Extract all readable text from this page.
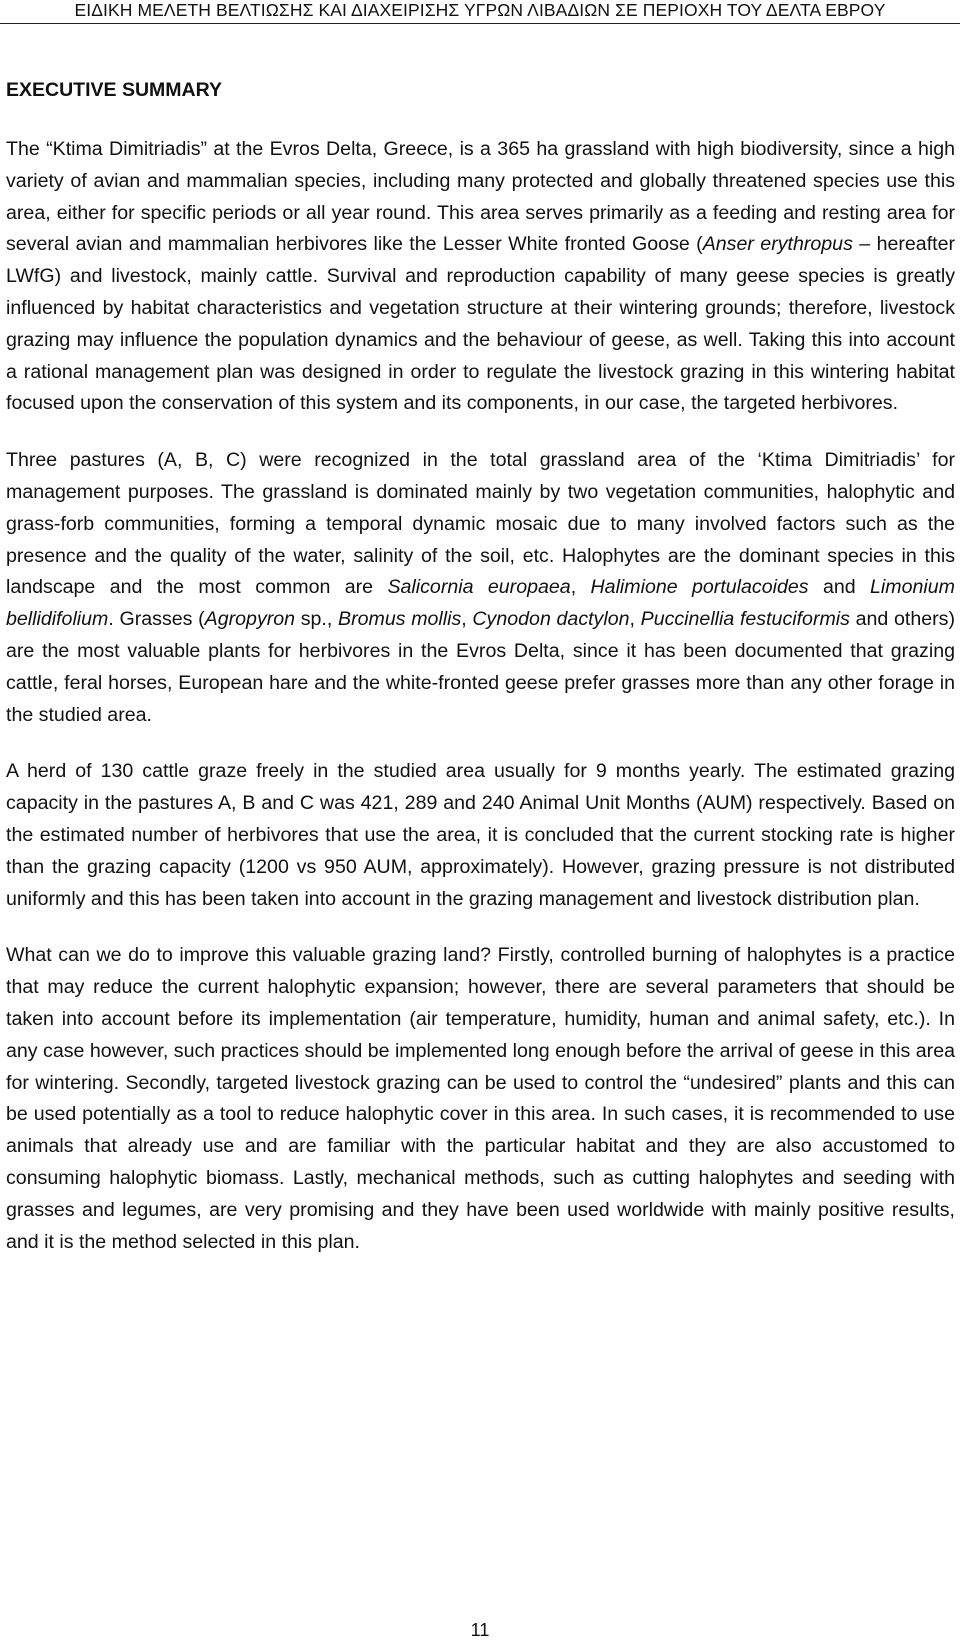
ΕΙΔΙΚΗ ΜΕΛΕΤΗ ΒΕΛΤΙΩΣΗΣ ΚΑΙ ΔΙΑΧΕΙΡΙΣΗΣ ΥΓΡΩΝ ΛΙΒΑΔΙΩΝ ΣΕ ΠΕΡΙΟΧΗ ΤΟΥ ΔΕΛΤΑ ΕΒΡΟΥ
EXECUTIVE SUMMARY

The “Ktima Dimitriadis” at the Evros Delta, Greece, is a 365 ha grassland with high biodiversity, since a high variety of avian and mammalian species, including many protected and globally threatened species use this area, either for specific periods or all year round. This area serves primarily as a feeding and resting area for several avian and mammalian herbivores like the Lesser White fronted Goose (Anser erythropus – hereafter LWfG) and livestock, mainly cattle. Survival and reproduction capability of many geese species is greatly influenced by habitat characteristics and vegetation structure at their wintering grounds; therefore, livestock grazing may influence the population dynamics and the behaviour of geese, as well. Taking this into account a rational management plan was designed in order to regulate the livestock grazing in this wintering habitat focused upon the conservation of this system and its components, in our case, the targeted herbivores.

Three pastures (A, B, C) were recognized in the total grassland area of the ‘Ktima Dimitriadis’ for management purposes. The grassland is dominated mainly by two vegetation communities, halophytic and grass-forb communities, forming a temporal dynamic mosaic due to many involved factors such as the presence and the quality of the water, salinity of the soil, etc. Halophytes are the dominant species in this landscape and the most common are Salicornia europaea, Halimione portulacoides and Limonium bellidifolium. Grasses (Agropyron sp., Bromus mollis, Cynodon dactylon, Puccinellia festuciformis and others) are the most valuable plants for herbivores in the Evros Delta, since it has been documented that grazing cattle, feral horses, European hare and the white-fronted geese prefer grasses more than any other forage in the studied area.

A herd of 130 cattle graze freely in the studied area usually for 9 months yearly. The estimated grazing capacity in the pastures A, B and C was 421, 289 and 240 Animal Unit Months (AUM) respectively. Based on the estimated number of herbivores that use the area, it is concluded that the current stocking rate is higher than the grazing capacity (1200 vs 950 AUM, approximately). However, grazing pressure is not distributed uniformly and this has been taken into account in the grazing management and livestock distribution plan.

What can we do to improve this valuable grazing land? Firstly, controlled burning of halophytes is a practice that may reduce the current halophytic expansion; however, there are several parameters that should be taken into account before its implementation (air temperature, humidity, human and animal safety, etc.). In any case however, such practices should be implemented long enough before the arrival of geese in this area for wintering. Secondly, targeted livestock grazing can be used to control the “undesired” plants and this can be used potentially as a tool to reduce halophytic cover in this area. In such cases, it is recommended to use animals that already use and are familiar with the particular habitat and they are also accustomed to consuming halophytic biomass. Lastly, mechanical methods, such as cutting halophytes and seeding with grasses and legumes, are very promising and they have been used worldwide with mainly positive results, and it is the method selected in this plan.

11
